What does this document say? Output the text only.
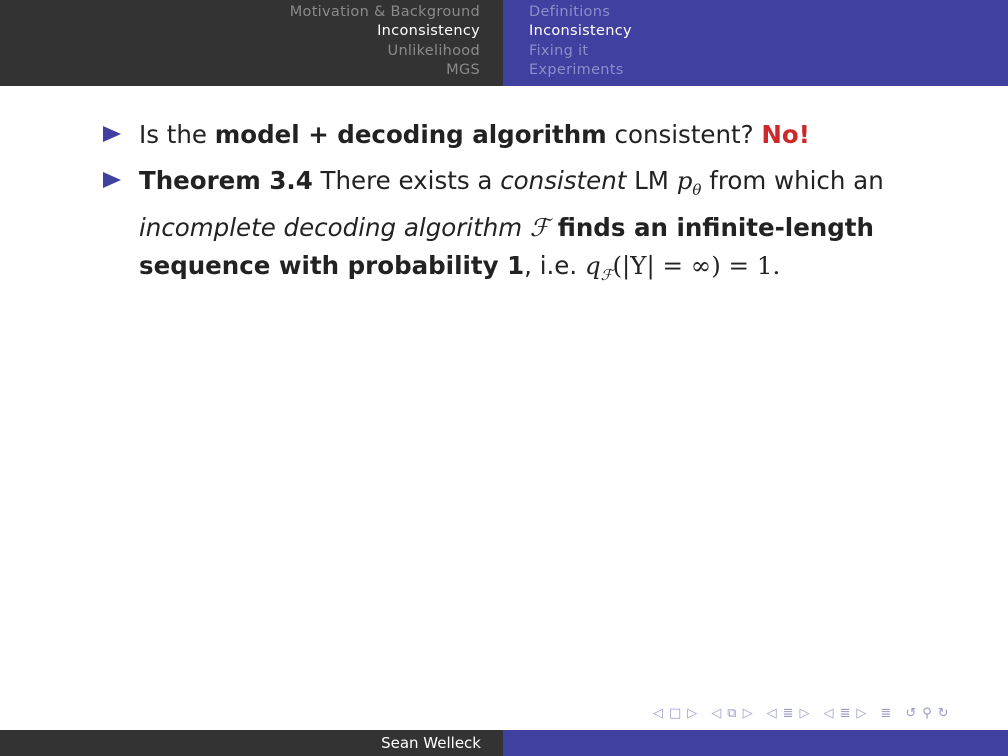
Motivation & Background
Inconsistency
Unlikelihood
MGS
Definitions
Inconsistency
Fixing it
Experiments
Is the model + decoding algorithm consistent? No!
Theorem 3.4 There exists a consistent LM $p_\theta$ from which an incomplete decoding algorithm ℱ finds an infinite-length sequence with probability 1, i.e. $q_ℱ(|Y|$ = ∞) = 1.
◁ □ ▷ ◁ ⧉ ▷ ◁ ≣ ▷ ◁ ≣ ▷ ≣ ↺ ⚲ ↻
Sean Welleck
